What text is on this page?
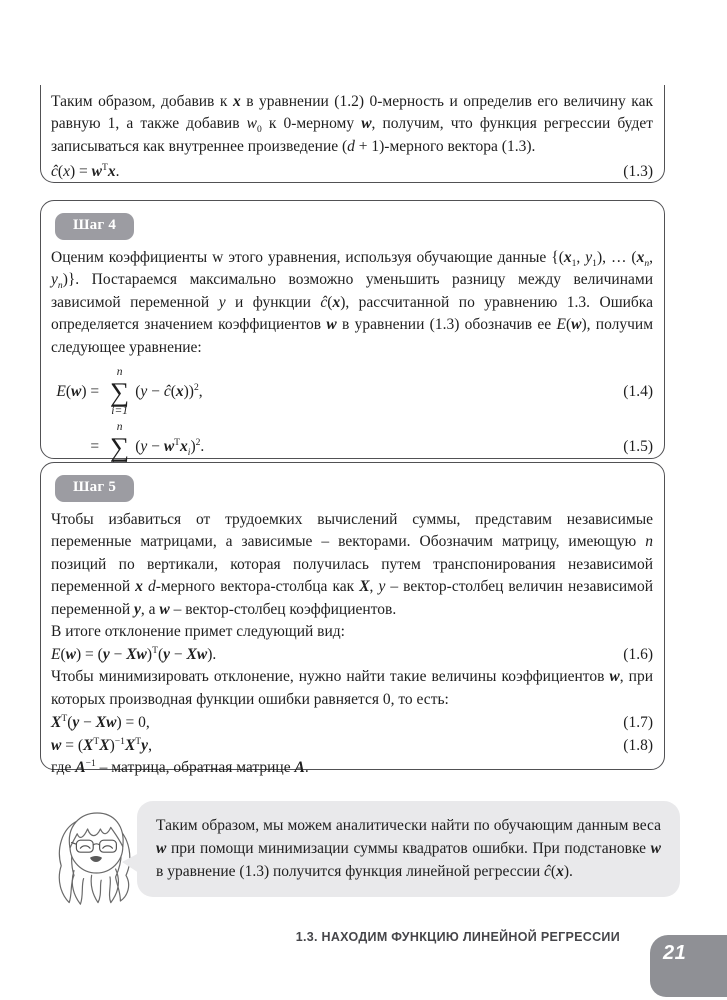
Таким образом, добавив к x в уравнении (1.2) 0-мерность и определив его величину как равную 1, а также добавив $w_0$ к 0-мерному w, получим, что функция регрессии будет записываться как внутреннее произведение (d + 1)-мерного вектора (1.3).

ĉ(x) = $w^Tx$.	(1.3)
Шаг 4

Оценим коэффициенты w этого уравнения, используя обучающие данные {($x_1$, $y_1$), … ($x_n$, $y_n$)}. Постараемся максимально возможно уменьшить разницу между величинами зависимой переменной y и функции ĉ(x), рассчитанной по уравнению 1.3. Ошибка определяется значением коэффициентов w в уравнении (1.3) обозначив ее E(w), получим следующее уравнение:

E(w) =
n
∑
i=1
(y − ĉ(x))$^2$,	(1.4)
=
n
∑ $(y - w^Tx_i)^2$.	(1.5)
Шаг 5

Чтобы избавиться от трудоемких вычислений суммы, представим независимые переменные матрицами, а зависимые – векторами. Обозначим матрицу, имеющую n позиций по вертикали, которая получилась путем транспонирования независимой переменной x d-мерного вектора-столбца как X, y – вектор-столбец величин независимой переменной y, а w – вектор-столбец коэффициентов.

В итоге отклонение примет следующий вид:

$E(w) = (y - Xw)^T(y - Xw)$.	(1.6)

Чтобы минимизировать отклонение, нужно найти такие величины коэффициентов w, при которых производная функции ошибки равняется 0, то есть:

$X^T(y - Xw) = 0$,	(1.7)
$w = (X^TX)^{-1}X^Ty$,	(1.8)

где $A^{-1}$ – матрица, обратная матрице A.

Таким образом, мы можем аналитически найти по обучающим данным веса w при помощи минимизации суммы квадратов ошибки. При подстановке w в уравнение (1.3) получится функция линейной регрессии ĉ(x).
1.3. НАХОДИМ ФУНКЦИЮ ЛИНЕЙНОЙ РЕГРЕССИИ
21
